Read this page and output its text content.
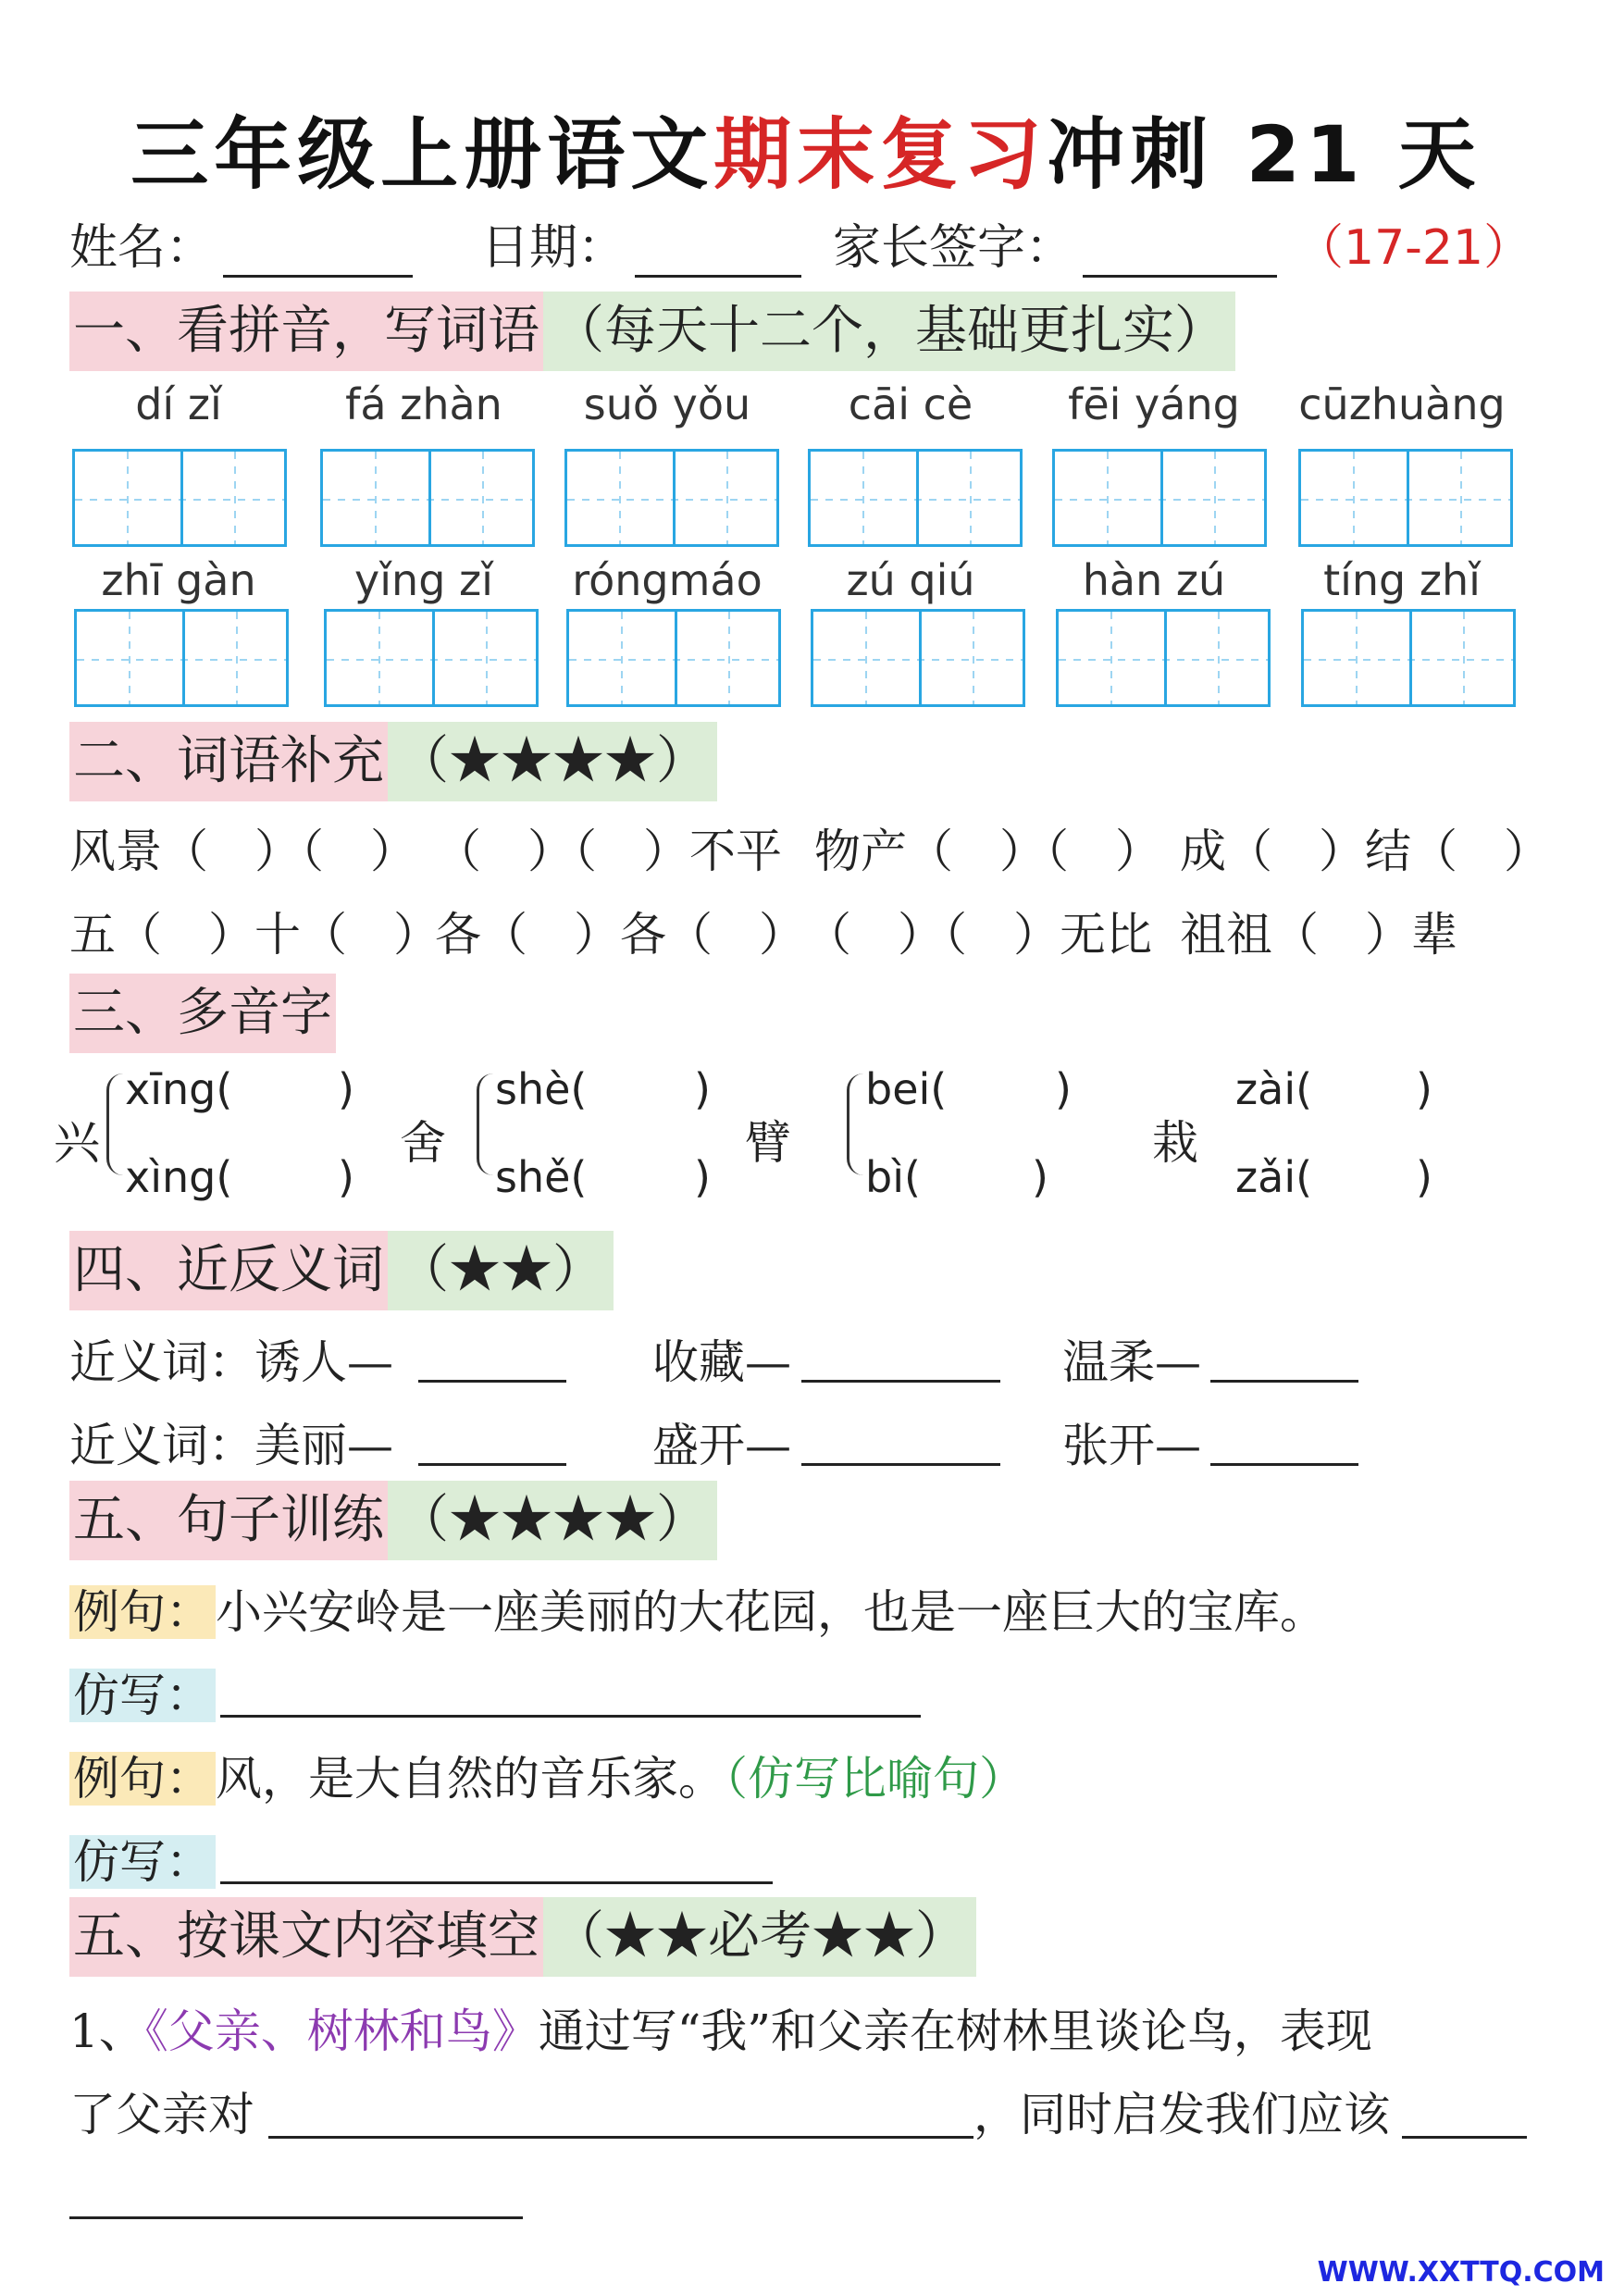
三年级上册语文期末复习冲刺 21 天
姓名：	日期：	家长签字：	（17-21）
一、看拼音，写词语 （每天十二个，基础更扎实）
dí zǐ	fá zhàn	suǒ yǒu	cāi cè	fēi yáng	cūzhuàng
zhī gàn	yǐng zǐ	róngmáo	zú qiú	hàn zú	tíng zhǐ
二、词语补充 （★★★★）
风景（　）（　） （　）（　）不平 物产（　）（　） 成（　）结（　）
五（　）十（　）
各（　）各（　） （　）（　）无比 祖祖（　）辈
三、多音字
兴
xīng( )
xìng( )
舍
shè(	)
shě(	)
臂
bei(	)
bì(	)
栽
zài( )
zǎi( )
四、近反义词 （★★）
近义词：诱人—	收藏—	温柔—
近义词：美丽—	盛开—	张开—
五、句子训练 （★★★★）
例句：小兴安岭是一座美丽的大花园，也是一座巨大的宝库。
仿写：
例句：风，是大自然的音乐家。（仿写比喻句）
仿写：
五、按课文内容填空 （★★必考★★）
1、《父亲、树林和鸟》通过写“我”和父亲在树林里谈论鸟，表现
了父亲对	，同时启发我们应该
WWW.XXTTQ.COM
